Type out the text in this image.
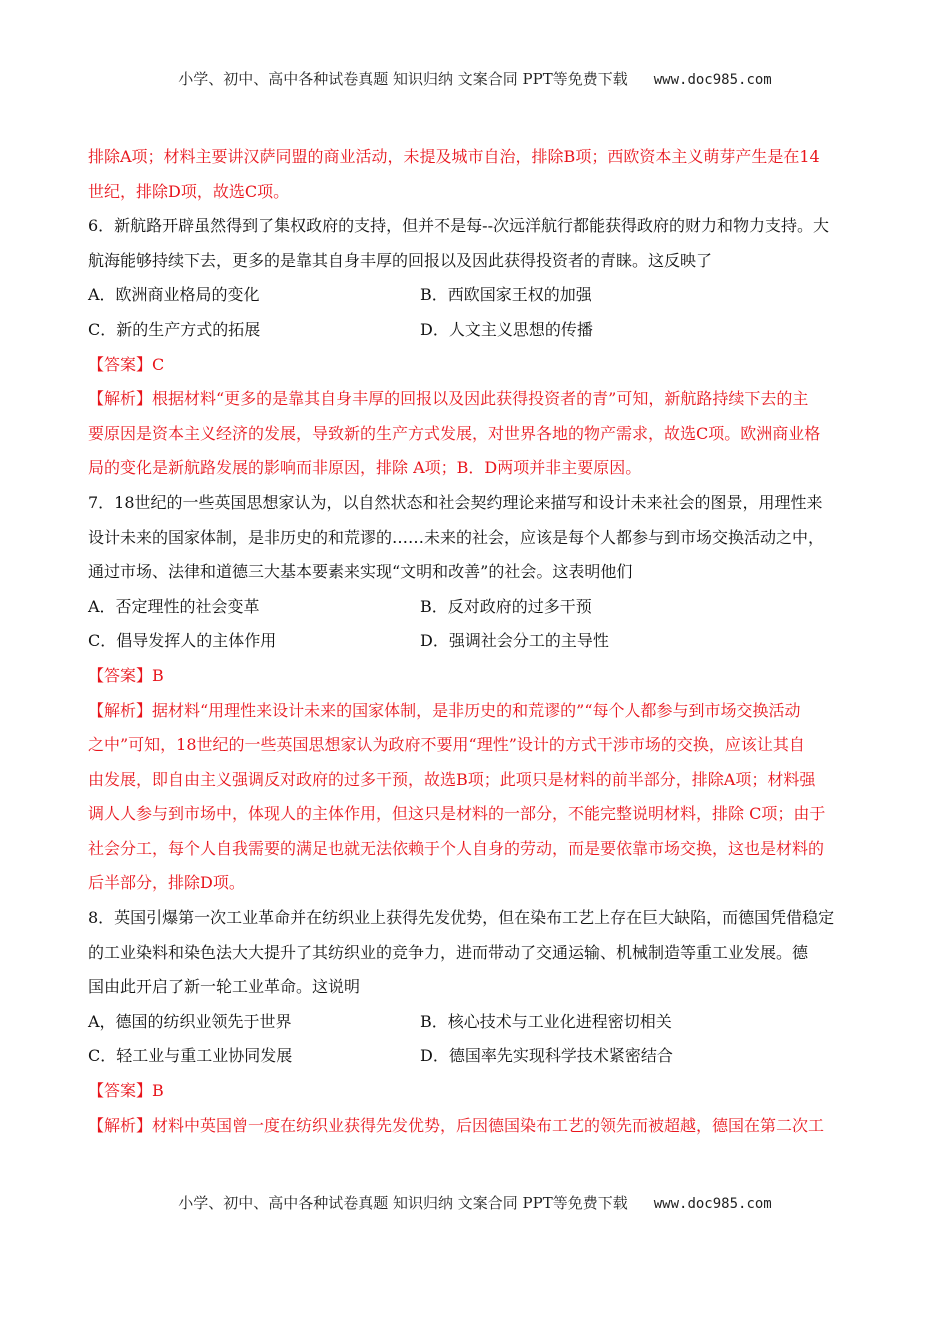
小学、初中、高中各种试卷真题 知识归纳 文案合同 PPT等免费下载 www.doc985.com
排除A项；材料主要讲汉萨同盟的商业活动，未提及城市自治，排除B项；西欧资本主义萌芽产生是在14
世纪，排除D项，故选C项。
6．新航路开辟虽然得到了集权政府的支持，但并不是每--次远洋航行都能获得政府的财力和物力支持。大
航海能够持续下去，更多的是靠其自身丰厚的回报以及因此获得投资者的青睐。这反映了
A．欧洲商业格局的变化	B．西欧国家王权的加强
C．新的生产方式的拓展	D．人文主义思想的传播
【答案】C
【解析】根据材料“更多的是靠其自身丰厚的回报以及因此获得投资者的青”可知，新航路持续下去的主
要原因是资本主义经济的发展，导致新的生产方式发展，对世界各地的物产需求，故选C项。欧洲商业格
局的变化是新航路发展的影响而非原因，排除 A项；B．D两项并非主要原因。
7．18世纪的一些英国思想家认为，以自然状态和社会契约理论来描写和设计未来社会的图景，用理性来
设计未来的国家体制，是非历史的和荒谬的……未来的社会，应该是每个人都参与到市场交换活动之中，
通过市场、法律和道德三大基本要素来实现“文明和改善”的社会。这表明他们
A．否定理性的社会变革	B．反对政府的过多干预
C．倡导发挥人的主体作用	D．强调社会分工的主导性
【答案】B
【解析】据材料“用理性来设计未来的国家体制，是非历史的和荒谬的”“每个人都参与到市场交换活动
之中”可知，18世纪的一些英国思想家认为政府不要用“理性”设计的方式干涉市场的交换，应该让其自
由发展，即自由主义强调反对政府的过多干预，故选B项；此项只是材料的前半部分，排除A项；材料强
调人人参与到市场中，体现人的主体作用，但这只是材料的一部分，不能完整说明材料，排除 C项；由于
社会分工，每个人自我需要的满足也就无法依赖于个人自身的劳动，而是要依靠市场交换，这也是材料的
后半部分，排除D项。
8．英国引爆第一次工业革命并在纺织业上获得先发优势，但在染布工艺上存在巨大缺陷，而德国凭借稳定
的工业染料和染色法大大提升了其纺织业的竞争力，进而带动了交通运输、机械制造等重工业发展。德
国由此开启了新一轮工业革命。这说明
A，德国的纺织业领先于世界	B．核心技术与工业化进程密切相关
C．轻工业与重工业协同发展	D．德国率先实现科学技术紧密结合
【答案】B
【解析】材料中英国曾一度在纺织业获得先发优势，后因德国染布工艺的领先而被超越，德国在第二次工
小学、初中、高中各种试卷真题 知识归纳 文案合同 PPT等免费下载 www.doc985.com
